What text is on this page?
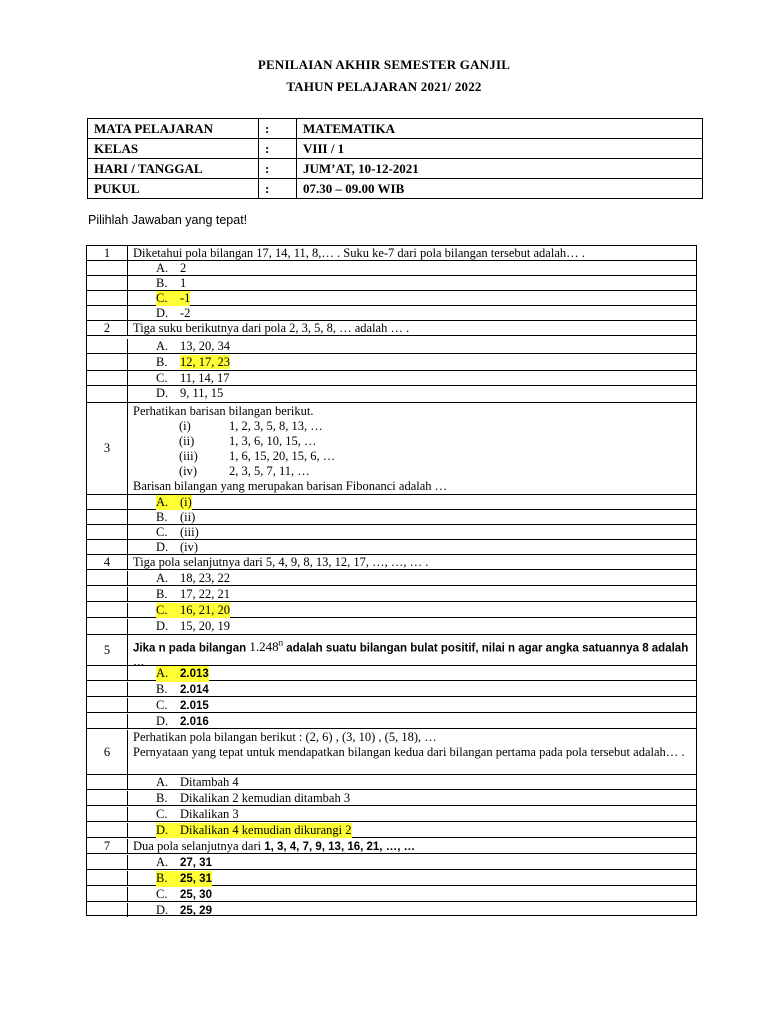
PENILAIAN AKHIR SEMESTER GANJIL
TAHUN PELAJARAN 2021/ 2022
MATA PELAJARAN	:	MATEMATIKA
KELAS	:	VIII / 1
HARI / TANGGAL	:	JUM’AT, 10-12-2021
PUKUL	:	07.30 – 09.00 WIB
Pilihlah Jawaban yang tepat!
1	Diketahui pola bilangan 17, 14, 11, 8,… . Suku ke-7 dari pola bilangan tersebut adalah… .
A. 2
B. 1
C. -1
D. -2
2	Tiga suku berikutnya dari pola 2, 3, 5, 8, … adalah … .
A. 13, 20, 34
B. 12, 17, 23
C. 11, 14, 17
D. 9, 11, 15
3
Perhatikan barisan bilangan berikut.
(i)	1, 2, 3, 5, 8, 13, …
(ii)	1, 3, 6, 10, 15, …
(iii)	1, 6, 15, 20, 15, 6, …
(iv)	2, 3, 5, 7, 11, …
Barisan bilangan yang merupakan barisan Fibonanci adalah …
A. (i)
B. (ii)
C. (iii)
D. (iv)
4	Tiga pola selanjutnya dari 5, 4, 9, 8, 13, 12, 17, …, …, … .
A. 18, 23, 22
B. 17, 22, 21
C. 16, 21, 20
D. 15, 20, 19
5	Jika n pada bilangan 1.248$^n$ adalah suatu bilangan bulat positif, nilai n agar angka satuannya 8 adalah …
A. 2.013
B. 2.014
C. 2.015
D. 2.016
6
Perhatikan pola bilangan berikut : (2, 6) , (3, 10) , (5, 18), …
Pernyataan yang tepat untuk mendapatkan bilangan kedua dari bilangan pertama pada pola tersebut adalah… .
A. Ditambah 4
B. Dikalikan 2 kemudian ditambah 3
C. Dikalikan 3
D. Dikalikan 4 kemudian dikurangi 2
7	Dua pola selanjutnya dari 1, 3, 4, 7, 9, 13, 16, 21, …, …
A. 27, 31
B. 25, 31
C. 25, 30
D. 25, 29
